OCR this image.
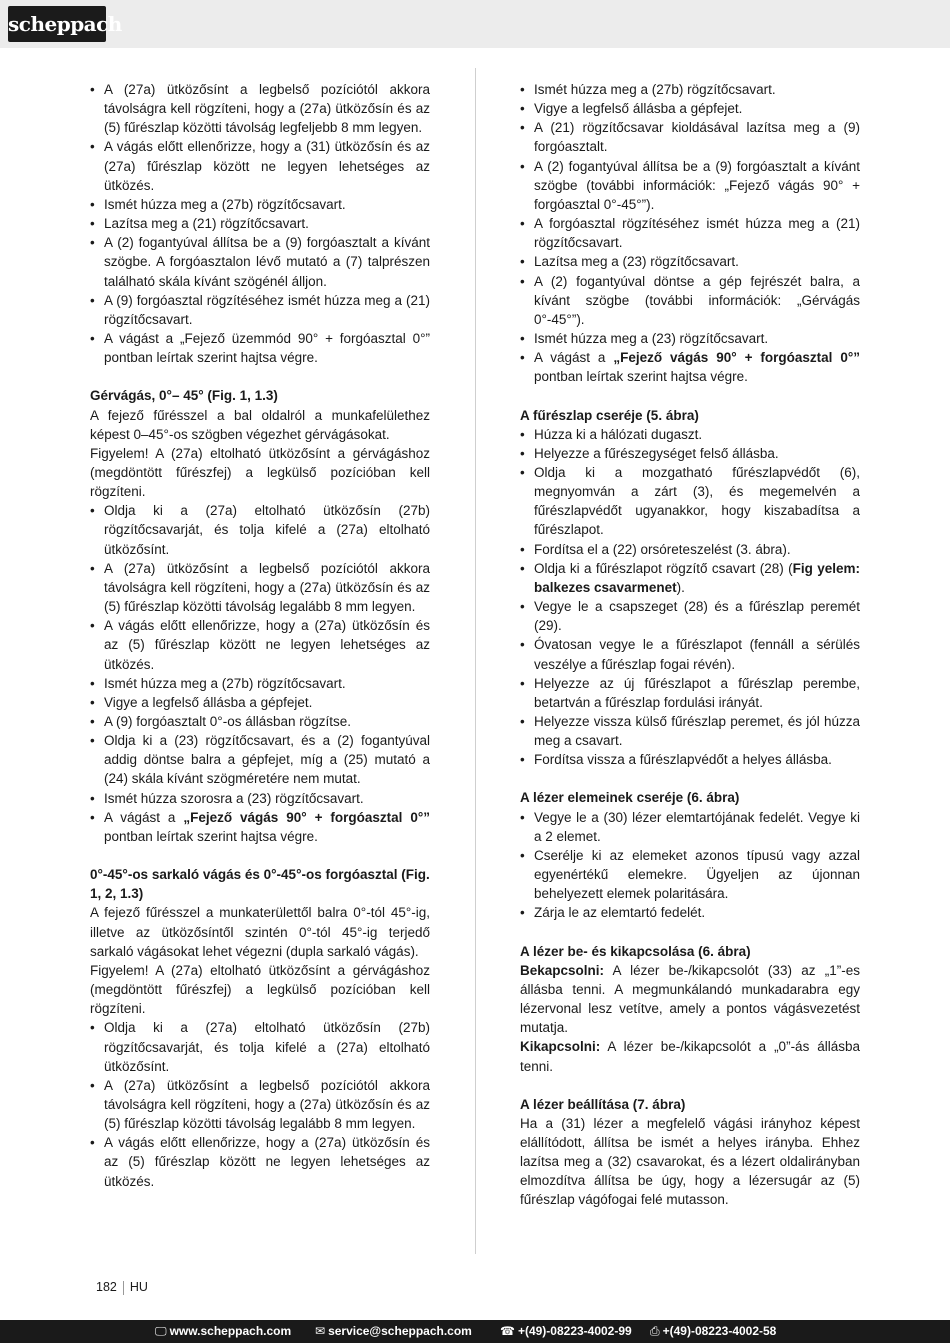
scheppach
• A (27a) ütközősínt a legbelső pozíciótól akkora távolságra kell rögzíteni, hogy a (27a) ütközősín és az (5) fűrészlap közötti távolság legfeljebb 8 mm legyen.
• A vágás előtt ellenőrizze, hogy a (31) ütközősín és az (27a) fűrészlap között ne legyen lehetséges az ütközés.
• Ismét húzza meg a (27b) rögzítőcsavart.
• Lazítsa meg a (21) rögzítőcsavart.
• A (2) fogantyúval állítsa be a (9) forgóasztalt a kívánt szögbe. A forgóasztalon lévő mutató a (7) talprészen található skála kívánt szögénél álljon.
• A (9) forgóasztal rögzítéséhez ismét húzza meg a (21) rögzítőcsavart.
• A vágást a „Fejező üzemmód 90° + forgóasztal 0°” pontban leírtak szerint hajtsa végre.
Gérvágás, 0°– 45° (Fig. 1, 1.3)

A fejező fűrésszel a bal oldalról a munkafelülethez képest 0–45°-os szögben végezhet gérvágásokat.

Figyelem! A (27a) eltolható ütközősínt a gérvágáshoz (megdöntött fűrészfej) a legkülső pozícióban kell rögzíteni.

• Oldja ki a (27a) eltolható ütközősín (27b) rögzítőcsavarját, és tolja kifelé a (27a) eltolható ütközősínt.
• A (27a) ütközősínt a legbelső pozíciótól akkora távolságra kell rögzíteni, hogy a (27a) ütközősín és az (5) fűrészlap közötti távolság legalább 8 mm legyen.
• A vágás előtt ellenőrizze, hogy a (27a) ütközősín és az (5) fűrészlap között ne legyen lehetséges az ütközés.
• Ismét húzza meg a (27b) rögzítőcsavart.
• Vigye a legfelső állásba a gépfejet.
• A (9) forgóasztalt 0°-os állásban rögzítse.
• Oldja ki a (23) rögzítőcsavart, és a (2) fogantyúval addig döntse balra a gépfejet, míg a (25) mutató a (24) skála kívánt szögméretére nem mutat.
• Ismét húzza szorosra a (23) rögzítőcsavart.
• A vágást a „Fejező vágás 90° + forgóasztal 0°” pontban leírtak szerint hajtsa végre.
0°-45°-os sarkaló vágás és 0°-45°-os forgóasztal (Fig. 1, 2, 1.3)

A fejező fűrésszel a munkaterülettől balra 0°-tól 45°-ig, illetve az ütközősíntől szintén 0°-tól 45°-ig terjedő sarkaló vágásokat lehet végezni (dupla sarkaló vágás).

Figyelem! A (27a) eltolható ütközősínt a gérvágáshoz (megdöntött fűrészfej) a legkülső pozícióban kell rögzíteni.

• Oldja ki a (27a) eltolható ütközősín (27b) rögzítőcsavarját, és tolja kifelé a (27a) eltolható ütközősínt.
• A (27a) ütközősínt a legbelső pozíciótól akkora távolságra kell rögzíteni, hogy a (27a) ütközősín és az (5) fűrészlap közötti távolság legalább 8 mm legyen.
• A vágás előtt ellenőrizze, hogy a (27a) ütközősín és az (5) fűrészlap között ne legyen lehetséges az ütközés.
• Ismét húzza meg a (27b) rögzítőcsavart.
• Vigye a legfelső állásba a gépfejet.
• A (21) rögzítőcsavar kioldásával lazítsa meg a (9) forgóasztalt.
• A (2) fogantyúval állítsa be a (9) forgóasztalt a kívánt szögbe (további információk: „Fejező vágás 90° + forgóasztal 0°-45°”).
• A forgóasztal rögzítéséhez ismét húzza meg a (21) rögzítőcsavart.
• Lazítsa meg a (23) rögzítőcsavart.
• A (2) fogantyúval döntse a gép fejrészét balra, a kívánt szögbe (további információk: „Gérvágás 0°-45°”).
• Ismét húzza meg a (23) rögzítőcsavart.
• A vágást a „Fejező vágás 90° + forgóasztal 0°” pontban leírtak szerint hajtsa végre.
A fűrészlap cseréje (5. ábra)
• Húzza ki a hálózati dugaszt.
• Helyezze a fűrészegységet felső állásba.
• Oldja ki a mozgatható fűrészlapvédőt (6), megnyomván a zárt (3), és megemelvén a fűrészlapvédőt ugyanakkor, hogy kiszabadítsa a fűrészlapot.
• Fordítsa el a (22) orsóreteszelést (3. ábra).
• Oldja ki a fűrészlapot rögzítő csavart (28) (Fig yelem: balkezes csavarmenet).
• Vegye le a csapszeget (28) és a fűrészlap peremét (29).
• Óvatosan vegye le a fűrészlapot (fennáll a sérülés veszélye a fűrészlap fogai révén).
• Helyezze az új fűrészlapot a fűrészlap perembe, betartván a fűrészlap fordulási irányát.
• Helyezze vissza külső fűrészlap peremet, és jól húzza meg a csavart.
• Fordítsa vissza a fűrészlapvédőt a helyes állásba.
A lézer elemeinek cseréje (6. ábra)
• Vegye le a (30) lézer elemtartójának fedelét. Vegye ki a 2 elemet.
• Cserélje ki az elemeket azonos típusú vagy azzal egyenértékű elemekre. Ügyeljen az újonnan behelyezett elemek polaritására.
• Zárja le az elemtartó fedelét.
A lézer be- és kikapcsolása (6. ábra)

Bekapcsolni: A lézer be-/kikapcsolót (33) az „1”-es állásba tenni. A megmunkálandó munkadarabra egy lézervonal lesz vetítve, amely a pontos vágásvezetést mutatja.

Kikapcsolni: A lézer be-/kikapcsolót a „0”-ás állásba tenni.

A lézer beállítása (7. ábra)

Ha a (31) lézer a megfelelő vágási irányhoz képest elállítódott, állítsa be ismét a helyes irányba. Ehhez lazítsa meg a (32) csavarokat, és a lézert oldalirányban elmozdítva állítsa be úgy, hogy a lézersugár az (5) fűrészlap vágófogai felé mutasson.

182 HU
🖵 www.scheppach.com ✉ service@scheppach.com ☎ +(49)-08223-4002-99 ⎙ +(49)-08223-4002-58
